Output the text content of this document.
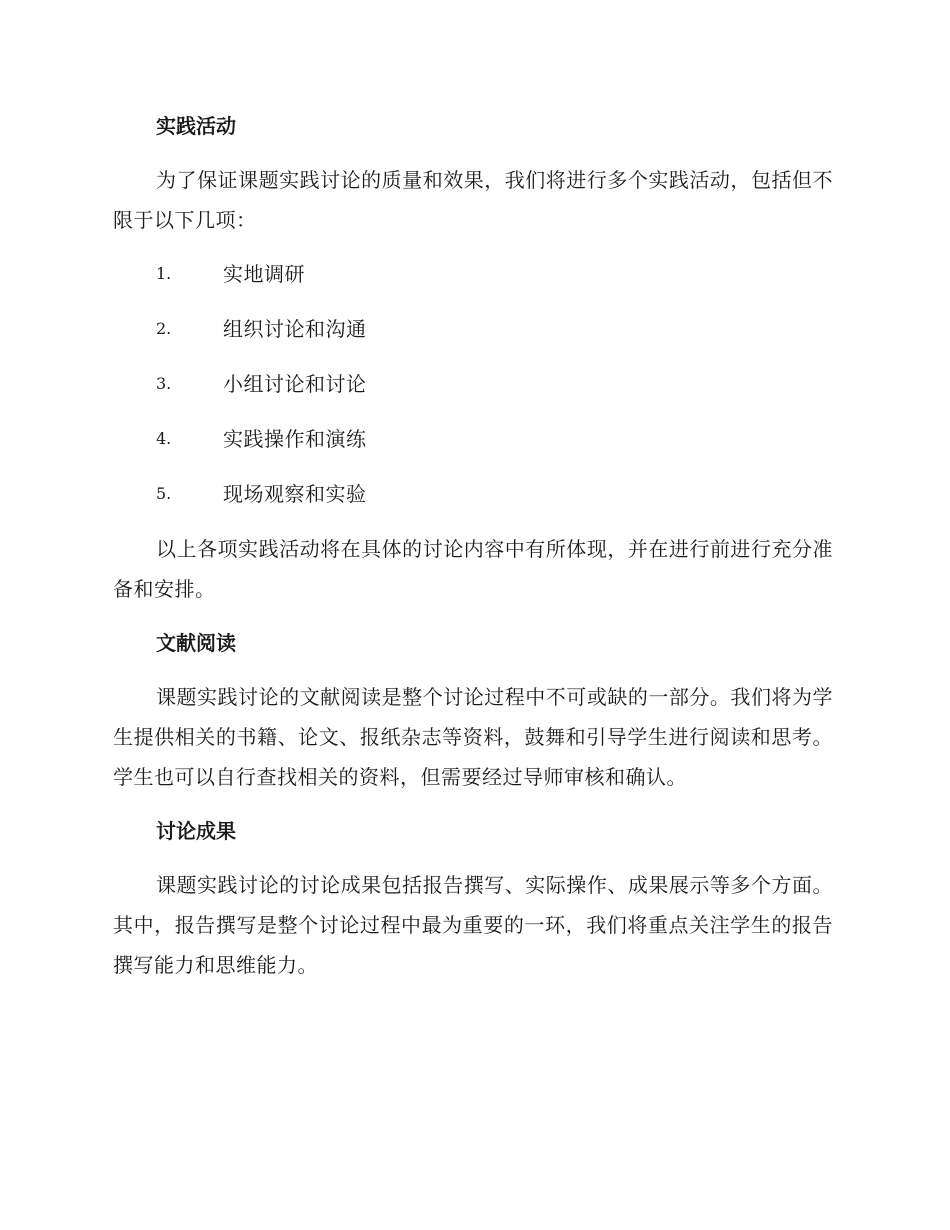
实践活动

为了保证课题实践讨论的质量和效果，我们将进行多个实践活动，包括但不限于以下几项：

1.	实地调研
2.	组织讨论和沟通
3.	小组讨论和讨论
4.	实践操作和演练
5.	现场观察和实验

以上各项实践活动将在具体的讨论内容中有所体现，并在进行前进行充分准备和安排。

文献阅读

课题实践讨论的文献阅读是整个讨论过程中不可或缺的一部分。我们将为学生提供相关的书籍、论文、报纸杂志等资料，鼓舞和引导学生进行阅读和思考。学生也可以自行查找相关的资料，但需要经过导师审核和确认。

讨论成果

课题实践讨论的讨论成果包括报告撰写、实际操作、成果展示等多个方面。其中，报告撰写是整个讨论过程中最为重要的一环，我们将重点关注学生的报告撰写能力和思维能力。
